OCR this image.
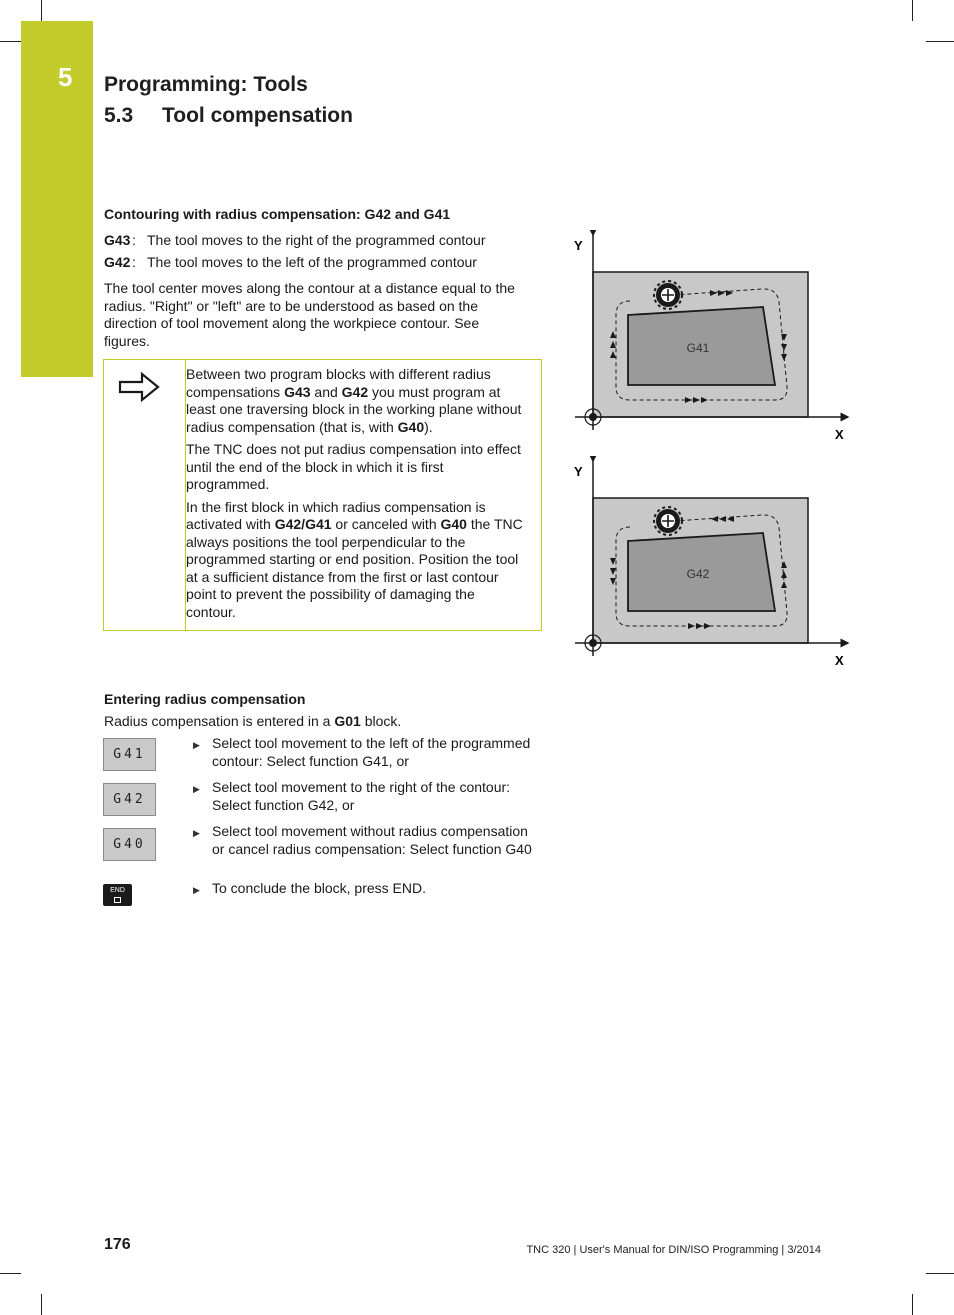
5 Programming: Tools
5.3 Tool compensation
Contouring with radius compensation: G42 and G41
G43 : The tool moves to the right of the programmed contour
G42 : The tool moves to the left of the programmed contour
The tool center moves along the contour at a distance equal to the radius. "Right" or "left" are to be understood as based on the direction of tool movement along the workpiece contour. See figures.

Between two program blocks with different radius compensations G43 and G42 you must program at least one traversing block in the working plane without radius compensation (that is, with G40).

The TNC does not put radius compensation into effect until the end of the block in which it is first programmed.

In the first block in which radius compensation is activated with G42/G41 or canceled with G40 the TNC always positions the tool perpendicular to the programmed starting or end position. Position the tool at a sufficient distance from the first or last contour point to prevent the possibility of damaging the contour.

Y
X
G41
Y
X
G42
Entering radius compensation
Radius compensation is entered in a G01 block.
G41
▶ Select tool movement to the left of the programmed contour: Select function G41, or
G42
▶ Select tool movement to the right of the contour: Select function G42, or
G40
▶ Select tool movement without radius compensation or cancel radius compensation: Select function G40
END	▶ To conclude the block, press END.
176	TNC 320 | User's Manual for DIN/ISO Programming | 3/2014
